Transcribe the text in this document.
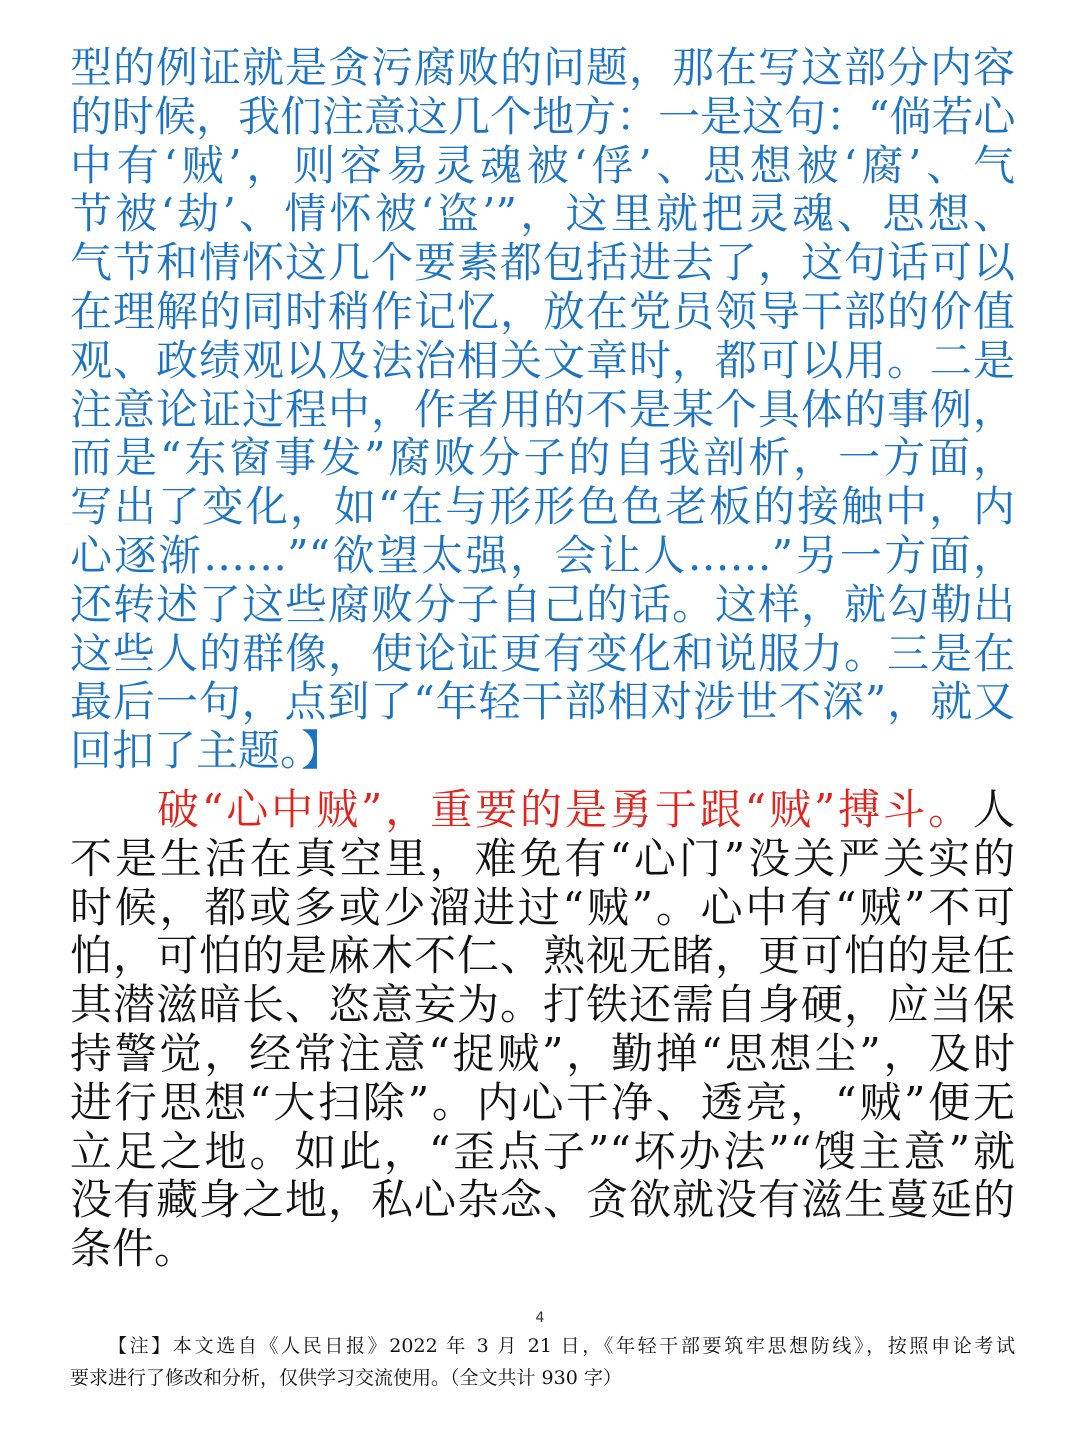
型的例证就是贪污腐败的问题，那在写这部分内容
的时候，我们注意这几个地方：一是这句：“倘若心
中有‘贼’，则容易灵魂被‘俘’、思想被‘腐’、气
节被‘劫’、情怀被‘盗’”，这里就把灵魂、思想、
气节和情怀这几个要素都包括进去了，这句话可以
在理解的同时稍作记忆，放在党员领导干部的价值
观、政绩观以及法治相关文章时，都可以用。二是
注意论证过程中，作者用的不是某个具体的事例，
而是“东窗事发”腐败分子的自我剖析，一方面，
写出了变化，如“在与形形色色老板的接触中，内
心逐渐……”“欲望太强，会让人……”另一方面，
还转述了这些腐败分子自己的话。这样，就勾勒出
这些人的群像，使论证更有变化和说服力。三是在
最后一句，点到了“年轻干部相对涉世不深”，就又
回扣了主题。】
破“心中贼”，重要的是勇于跟“贼”搏斗。人
不是生活在真空里，难免有“心门”没关严关实的
时候，都或多或少溜进过“贼”。心中有“贼”不可
怕，可怕的是麻木不仁、熟视无睹，更可怕的是任
其潜滋暗长、恣意妄为。打铁还需自身硬，应当保
持警觉，经常注意“捉贼”，勤掸“思想尘”，及时
进行思想“大扫除”。内心干净、透亮，“贼”便无
立足之地。如此，“歪点子”“坏办法”“馊主意”就
没有藏身之地，私心杂念、贪欲就没有滋生蔓延的
条件。
4
【注】本文选自《人民日报》2022 年 3 月 21 日，《年轻干部要筑牢思想防线》，按照申论考试
要求进行了修改和分析，仅供学习交流使用。（全文共计 930 字）
